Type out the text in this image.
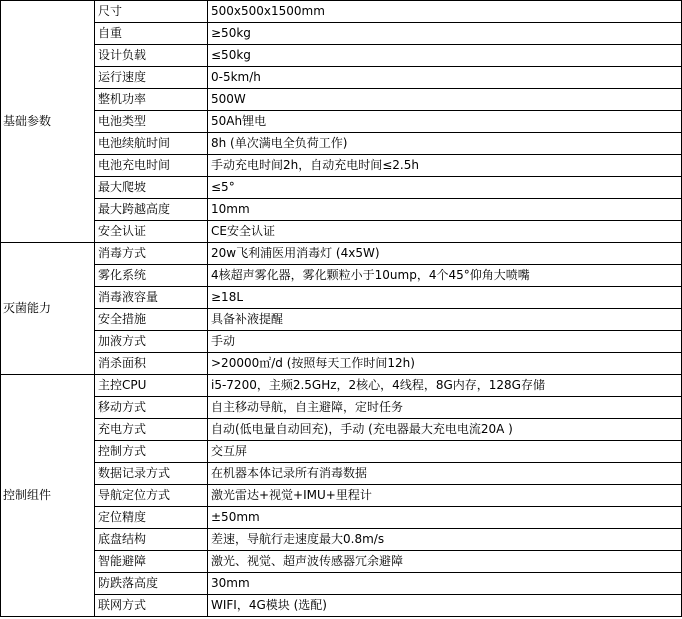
基础参数	尺寸	500x500x1500mm
	自重	≥50kg
	设计负载	≤50kg
	运行速度	0-5km/h
	整机功率	500W
	电池类型	50Ah锂电
	电池续航时间	8h (单次满电全负荷工作)
	电池充电时间	手动充电时间2h，自动充电时间≤2.5h
	最大爬坡	≤5°
	最大跨越高度	10mm
	安全认证	CE安全认证
灭菌能力	消毒方式	20w飞利浦医用消毒灯 (4x5W)
	雾化系统	4核超声雾化器，雾化颗粒小于10ump，4个45°仰角大喷嘴
	消毒液容量	≥18L
	安全措施	具备补液提醒
	加液方式	手动
	消杀面积	>20000㎡/d (按照每天工作时间12h)
控制组件	主控CPU	i5-7200，主频2.5GHz，2核心，4线程，8G内存，128G存储
	移动方式	自主移动导航，自主避障，定时任务
	充电方式	自动(低电量自动回充)，手动 (充电器最大充电电流20A )
	控制方式	交互屏
	数据记录方式	在机器本体记录所有消毒数据
	导航定位方式	激光雷达+视觉+IMU+里程计
	定位精度	±50mm
	底盘结构	差速，导航行走速度最大0.8m/s
	智能避障	激光、视觉、超声波传感器冗余避障
	防跌落高度	30mm
	联网方式	WIFI，4G模块 (选配)
